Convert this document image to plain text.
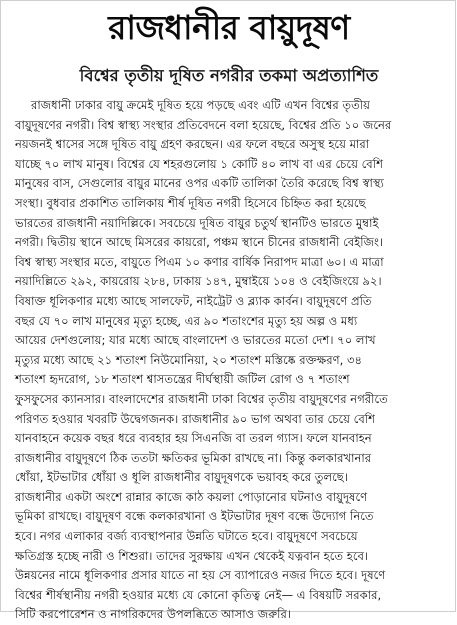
রাজধানীর বায়ুদূষণ
বিশ্বের তৃতীয় দূষিত নগরীর তকমা অপ্রত্যাশিত
রাজধানী ঢাকার বায়ু ক্রমেই দূষিত হয়ে পড়ছে এবং এটি এখন বিশ্বের তৃতীয়
বায়ুদূষণের নগরী। বিশ্ব স্বাস্থ্য সংস্থার প্রতিবেদনে বলা হয়েছে, বিশ্বের প্রতি ১০ জনের
নয়জনই শ্বাসের সঙ্গে দূষিত বায়ু গ্রহণ করছেন। এর ফলে বছরে অসুস্থ হয়ে মারা
যাচ্ছে ৭০ লাখ মানুষ। বিশ্বের যে শহরগুলোয় ১ কোটি ৪০ লাখ বা এর চেয়ে বেশি
মানুষের বাস, সেগুলোর বায়ুর মানের ওপর একটি তালিকা তৈরি করেছে বিশ্ব স্বাস্থ্য
সংস্থা। বুধবার প্রকাশিত তালিকায় শীর্ষ দূষিত নগরী হিসেবে চিহ্নিত করা হয়েছে
ভারতের রাজধানী নয়াদিল্লিকে। সবচেয়ে দূষিত বায়ুর চতুর্থ স্থানটিও ভারতে মুম্বাই
নগরী। দ্বিতীয় স্থানে আছে মিসরের কায়রো, পঞ্চম স্থানে চীনের রাজধানী বেইজিং।
বিশ্ব স্বাস্থ্য সংস্থার মতে, বায়ুতে পিএম ১০ কণার বার্ষিক নিরাপদ মাত্রা ৬০। এ মাত্রা
নয়াদিল্লিতে ২৯২, কায়রোয় ২৮৪, ঢাকায় ১৪৭, মুম্বাইয়ে ১০৪ ও বেইজিংয়ে ৯২।
বিষাক্ত ধূলিকণার মধ্যে আছে সালফেট, নাইট্রেট ও ব্ল্যাক কার্বন। বায়ুদূষণে প্রতি
বছর যে ৭০ লাখ মানুষের মৃত্যু হচ্ছে, এর ৯০ শতাংশের মৃত্যু হয় অল্প ও মধ্য
আয়ের দেশগুলোয়; যার মধ্যে আছে বাংলাদেশ ও ভারতের মতো দেশ। ৭০ লাখ
মৃত্যুর মধ্যে আছে ২১ শতাংশ নিউমোনিয়া, ২০ শতাংশ মস্তিষ্কে রক্তক্ষরণ, ৩৪
শতাংশ হৃদরোগ, ১৮ শতাংশ শ্বাসতন্ত্রের দীর্ঘস্থায়ী জটিল রোগ ও ৭ শতাংশ
ফুসফুসের ক্যানসার। বাংলাদেশের রাজধানী ঢাকা বিশ্বের তৃতীয় বায়ুদূষণের নগরীতে
পরিণত হওয়ার খবরটি উদ্বেগজনক। রাজধানীর ৯০ ভাগ অথবা তার চেয়ে বেশি
যানবাহনে কয়েক বছর ধরে ব্যবহার হয় সিএনজি বা তরল গ্যাস। ফলে যানবাহন
রাজধানীর বায়ুদূষণে ঠিক ততটা ক্ষতিকর ভূমিকা রাখছে না। কিন্তু কলকারখানার
ধোঁয়া, ইটভাটার ধোঁয়া ও ধূলি রাজধানীর বায়ুদূষণকে ভয়াবহ করে তুলছে।
রাজধানীর একটা অংশে রান্নার কাজে কাঠ কয়লা পোড়ানোর ঘটনাও বায়ুদূষণে
ভূমিকা রাখছে। বায়ুদূষণ বন্ধে কলকারখানা ও ইটভাটার দূষণ বন্ধে উদ্যোগ নিতে
হবে। নগর এলাকার বর্জ্য ব্যবস্থাপনার উন্নতি ঘটাতে হবে। বায়ুদূষণে সবচেয়ে
ক্ষতিগ্রস্ত হচ্ছে নারী ও শিশুরা। তাদের সুরক্ষায় এখন থেকেই যত্নবান হতে হবে।
উন্নয়নের নামে ধূলিকণার প্রসার যাতে না হয় সে ব্যাপারেও নজর দিতে হবে। দূষণে
বিশ্বের শীর্ষস্থানীয় নগরী হওয়ার মধ্যে যে কোনো কৃতিত্ব নেই— এ বিষয়টি সরকার,
সিটি করপোরেশন ও নাগরিকদের উপলব্ধিতে আসাও জরুরি।
